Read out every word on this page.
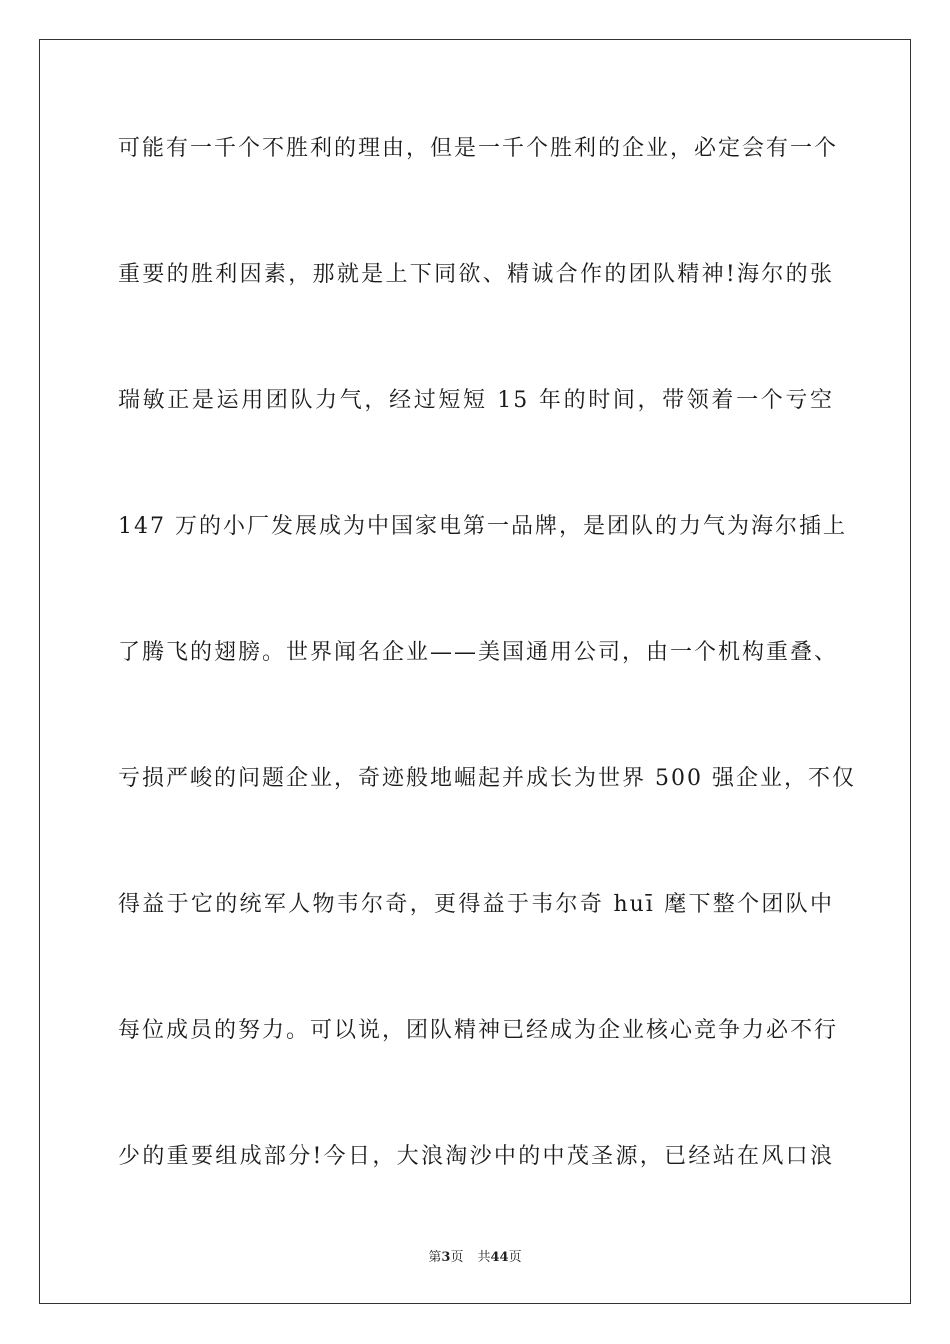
可能有一千个不胜利的理由，但是一千个胜利的企业，必定会有一个
重要的胜利因素，那就是上下同欲、精诚合作的团队精神!海尔的张
瑞敏正是运用团队力气，经过短短 15 年的时间，带领着一个亏空
147 万的小厂发展成为中国家电第一品牌，是团队的力气为海尔插上
了腾飞的翅膀。世界闻名企业——美国通用公司，由一个机构重叠、
亏损严峻的问题企业，奇迹般地崛起并成长为世界 500 强企业，不仅
得益于它的统军人物韦尔奇，更得益于韦尔奇 huī 麾下整个团队中
每位成员的努力。可以说，团队精神已经成为企业核心竞争力必不行
少的重要组成部分!今日，大浪淘沙中的中茂圣源，已经站在风口浪
第3页 共44页
